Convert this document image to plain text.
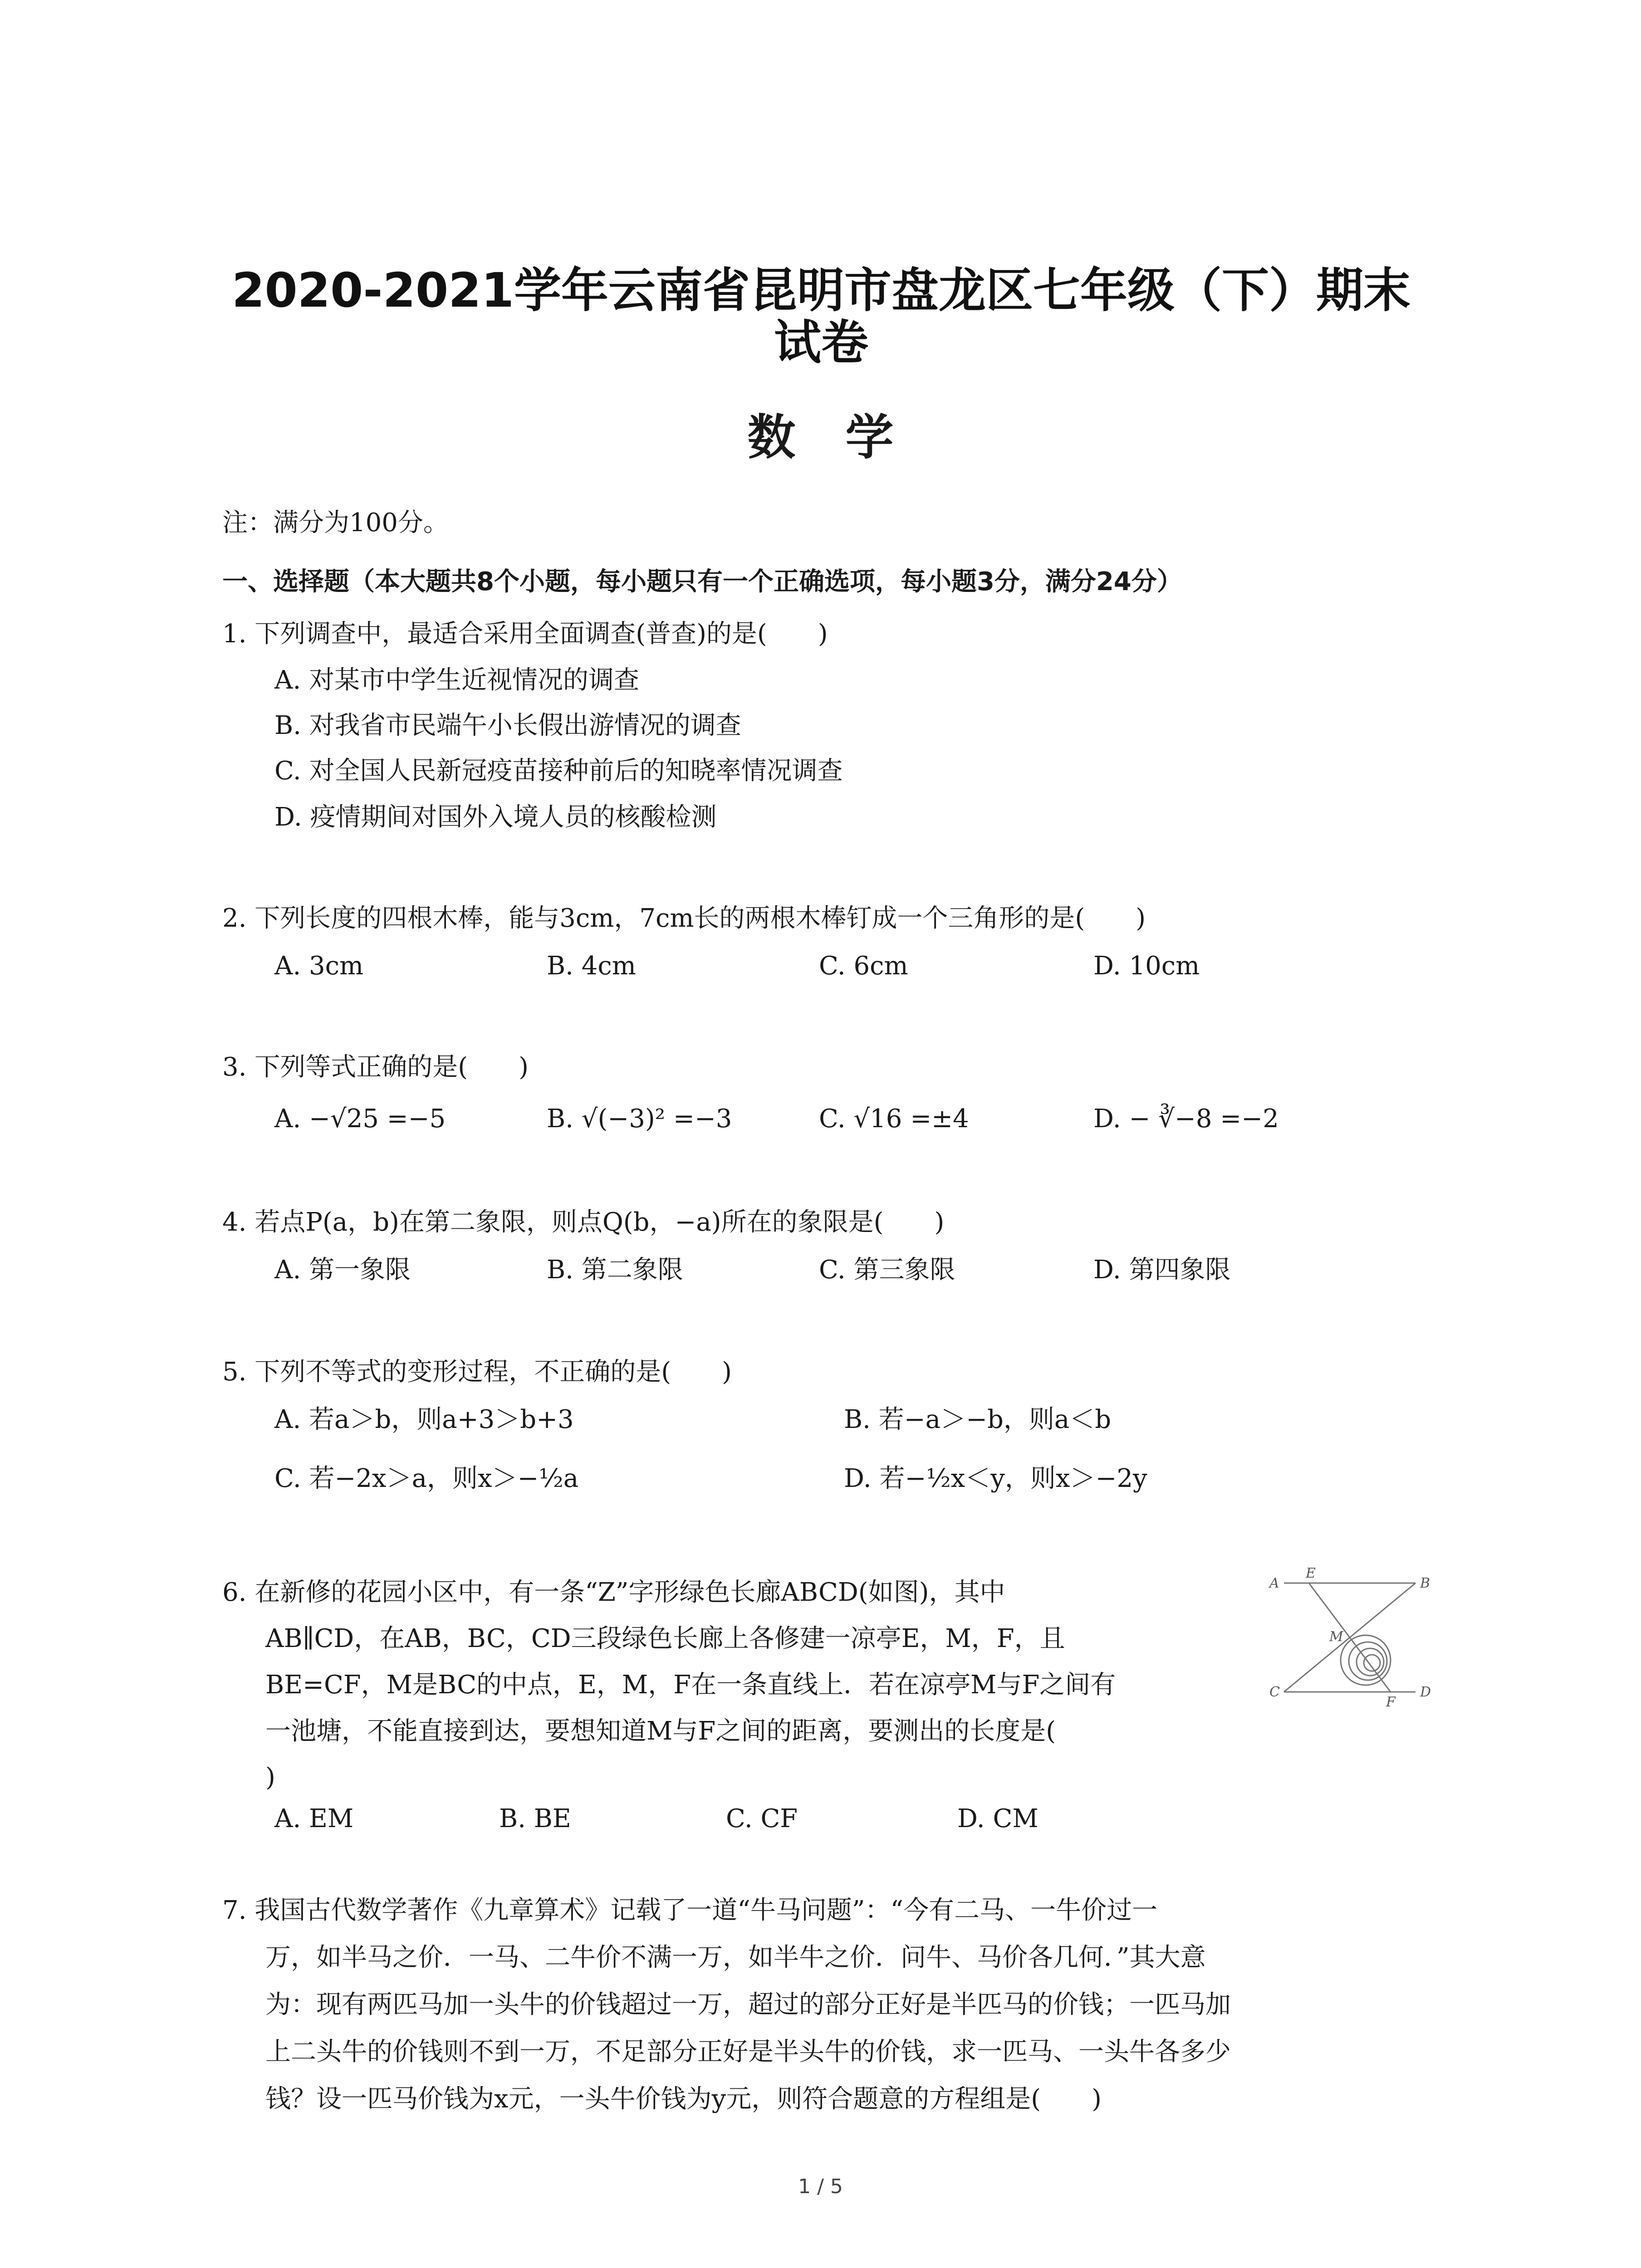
2020-2021学年云南省昆明市盘龙区七年级（下）期末
试卷
数学
注：满分为100分。
一、选择题（本大题共8个小题，每小题只有一个正确选项，每小题3分，满分24分）
1. 下列调查中，最适合采用全面调查(普查)的是(　　)
A. 对某市中学生近视情况的调查
B. 对我省市民端午小长假出游情况的调查
C. 对全国人民新冠疫苗接种前后的知晓率情况调查
D. 疫情期间对国外入境人员的核酸检测
2. 下列长度的四根木棒，能与3cm，7cm长的两根木棒钉成一个三角形的是(　　)
A. 3cm	B. 4cm	C. 6cm	D. 10cm
3. 下列等式正确的是(　　)
A. −√25 =−5	B. √(−3)² =−3	C. √16 =±4	D. − ∛−8 =−2
4. 若点P(a，b)在第二象限，则点Q(b，−a)所在的象限是(　　)
A. 第一象限	B. 第二象限	C. 第三象限	D. 第四象限
5. 下列不等式的变形过程，不正确的是(　　)
A. 若a＞b，则a+3＞b+3	B. 若−a＞−b，则a＜b
C. 若−2x＞a，则x＞−½a	D. 若−½x＜y，则x＞−2y
6. 在新修的花园小区中，有一条“Z”字形绿色长廊ABCD(如图)，其中
AB∥CD，在AB，BC，CD三段绿色长廊上各修建一凉亭E，M，F，且
BE=CF，M是BC的中点，E，M，F在一条直线上．若在凉亭M与F之间有
一池塘，不能直接到达，要想知道M与F之间的距离，要测出的长度是(
)
A. EM	B. BE	C. CF	D. CM
A
E
B
M
C
F
D
7. 我国古代数学著作《九章算术》记载了一道“牛马问题”：“今有二马、一牛价过一
万，如半马之价．一马、二牛价不满一万，如半牛之价．问牛、马价各几何．”其大意
为：现有两匹马加一头牛的价钱超过一万，超过的部分正好是半匹马的价钱；一匹马加
上二头牛的价钱则不到一万，不足部分正好是半头牛的价钱，求一匹马、一头牛各多少
钱？设一匹马价钱为x元，一头牛价钱为y元，则符合题意的方程组是(　　)
1 / 5
